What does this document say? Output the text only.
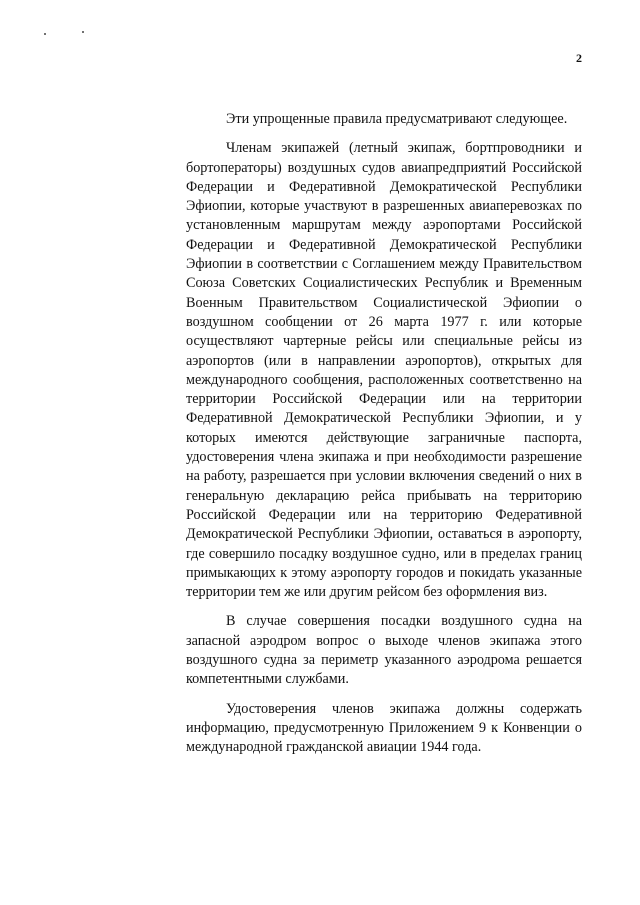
2

Эти упрощенные правила предусматривают следующее.

Членам экипажей (летный экипаж, бортпроводники и бортоператоры) воздушных судов авиапредприятий Российской Федерации и Федеративной Демократической Республики Эфиопии, которые участвуют в разрешенных авиаперевозках по установленным маршрутам между аэропортами Российской Федерации и Федеративной Демократической Республики Эфиопии в соответствии с Соглашением между Правительством Союза Советских Социалистических Республик и Временным Военным Правительством Социалистической Эфиопии о воздушном сообщении от 26 марта 1977 г. или которые осуществляют чартерные рейсы или специальные рейсы из аэропортов (или в направлении аэропортов), открытых для международного сообщения, расположенных соответственно на территории Российской Федерации или на территории Федеративной Демократической Республики Эфиопии, и у которых имеются действующие заграничные паспорта, удостоверения члена экипажа и при необходимости разрешение на работу, разрешается при условии включения сведений о них в генеральную декларацию рейса прибывать на территорию Российской Федерации или на территорию Федеративной Демократической Республики Эфиопии, оставаться в аэропорту, где совершило посадку воздушное судно, или в пределах границ примыкающих к этому аэропорту городов и покидать указанные территории тем же или другим рейсом без оформления виз.

В случае совершения посадки воздушного судна на запасной аэродром вопрос о выходе членов экипажа этого воздушного судна за периметр указанного аэродрома решается компетентными службами.

Удостоверения членов экипажа должны содержать информацию, предусмотренную Приложением 9 к Конвенции о международной гражданской авиации 1944 года.
